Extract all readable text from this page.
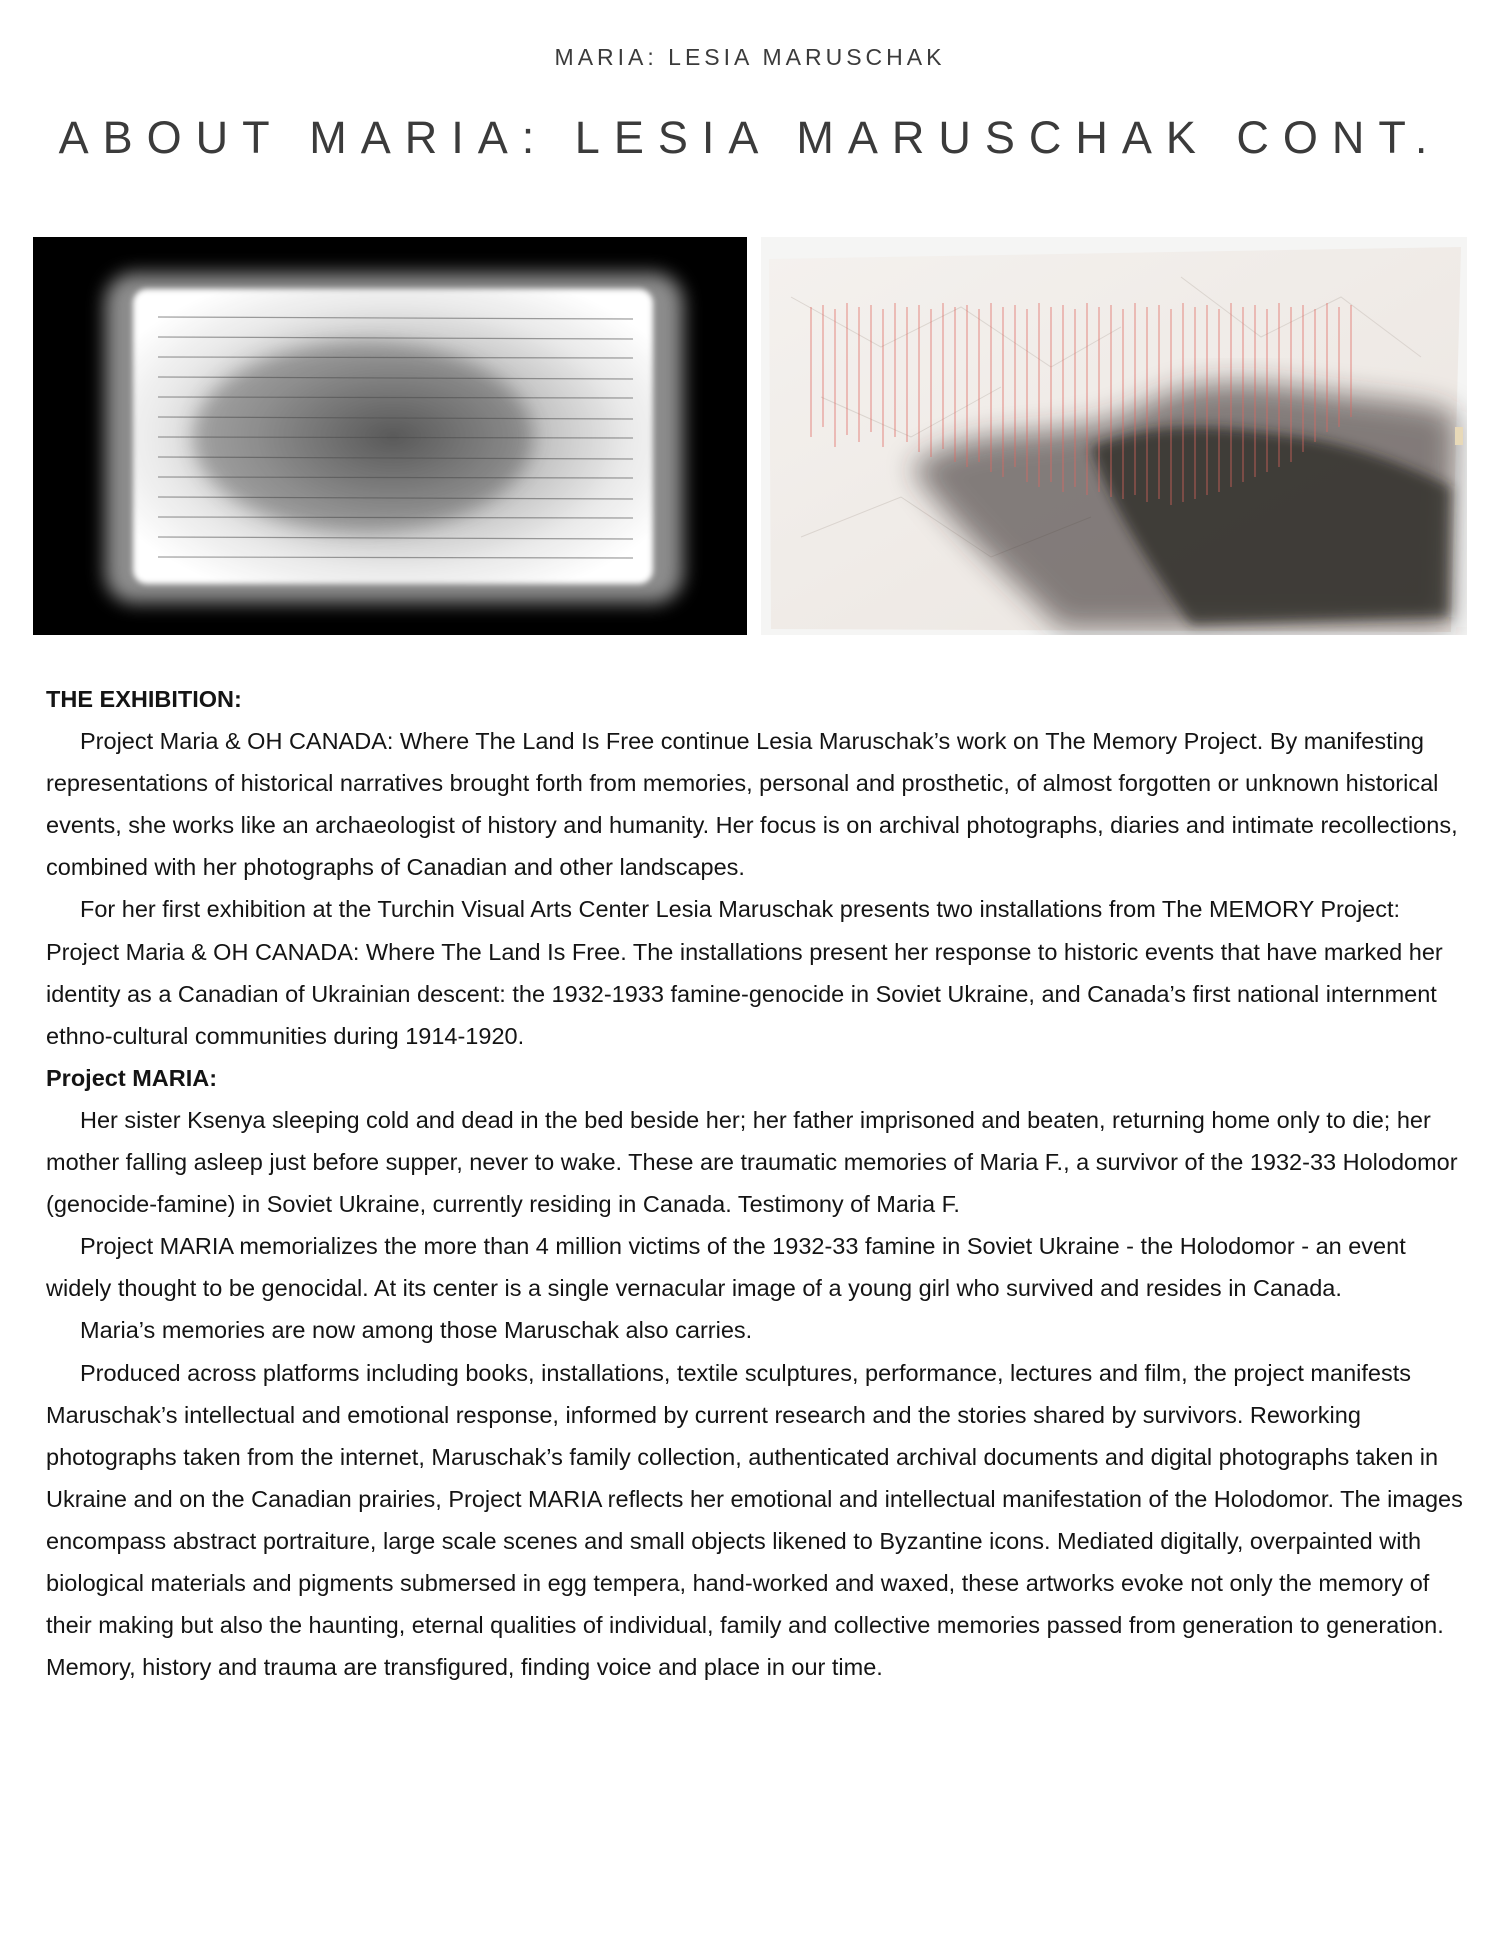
MARIA: LESIA MARUSCHAK
ABOUT MARIA: LESIA MARUSCHAK CONT.

THE EXHIBITION:

Project Maria & OH CANADA: Where The Land Is Free continue Lesia Maruschak’s work on The Memory Project. By manifesting representations of historical narratives brought forth from memories, personal and prosthetic, of almost forgotten or unknown historical events, she works like an archaeologist of history and humanity. Her focus is on archival photographs, diaries and intimate recollections, combined with her photographs of Canadian and other landscapes.

For her first exhibition at the Turchin Visual Arts Center Lesia Maruschak presents two installations from The MEMORY Project: Project Maria & OH CANADA: Where The Land Is Free. The installations present her response to historic events that have marked her identity as a Canadian of Ukrainian descent: the 1932-1933 famine-genocide in Soviet Ukraine, and Canada’s first national internment ethno-cultural communities during 1914-1920.

Project MARIA:

Her sister Ksenya sleeping cold and dead in the bed beside her; her father imprisoned and beaten, returning home only to die; her mother falling asleep just before supper, never to wake. These are traumatic memories of Maria F., a survivor of the 1932-33 Holodomor (genocide-famine) in Soviet Ukraine, currently residing in Canada. Testimony of Maria F.

Project MARIA memorializes the more than 4 million victims of the 1932-33 famine in Soviet Ukraine - the Holodomor - an event widely thought to be genocidal. At its center is a single vernacular image of a young girl who survived and resides in Canada.

Maria’s memories are now among those Maruschak also carries.

Produced across platforms including books, installations, textile sculptures, performance, lectures and film, the project manifests Maruschak’s intellectual and emotional response, informed by current research and the stories shared by survivors. Reworking photographs taken from the internet, Maruschak’s family collection, authenticated archival documents and digital photographs taken in Ukraine and on the Canadian prairies, Project MARIA reflects her emotional and intellectual manifestation of the Holodomor. The images encompass abstract portraiture, large scale scenes and small objects likened to Byzantine icons. Mediated digitally, overpainted with biological materials and pigments submersed in egg tempera, hand-worked and waxed, these artworks evoke not only the memory of their making but also the haunting, eternal qualities of individual, family and collective memories passed from generation to generation. Memory, history and trauma are transfigured, finding voice and place in our time.
